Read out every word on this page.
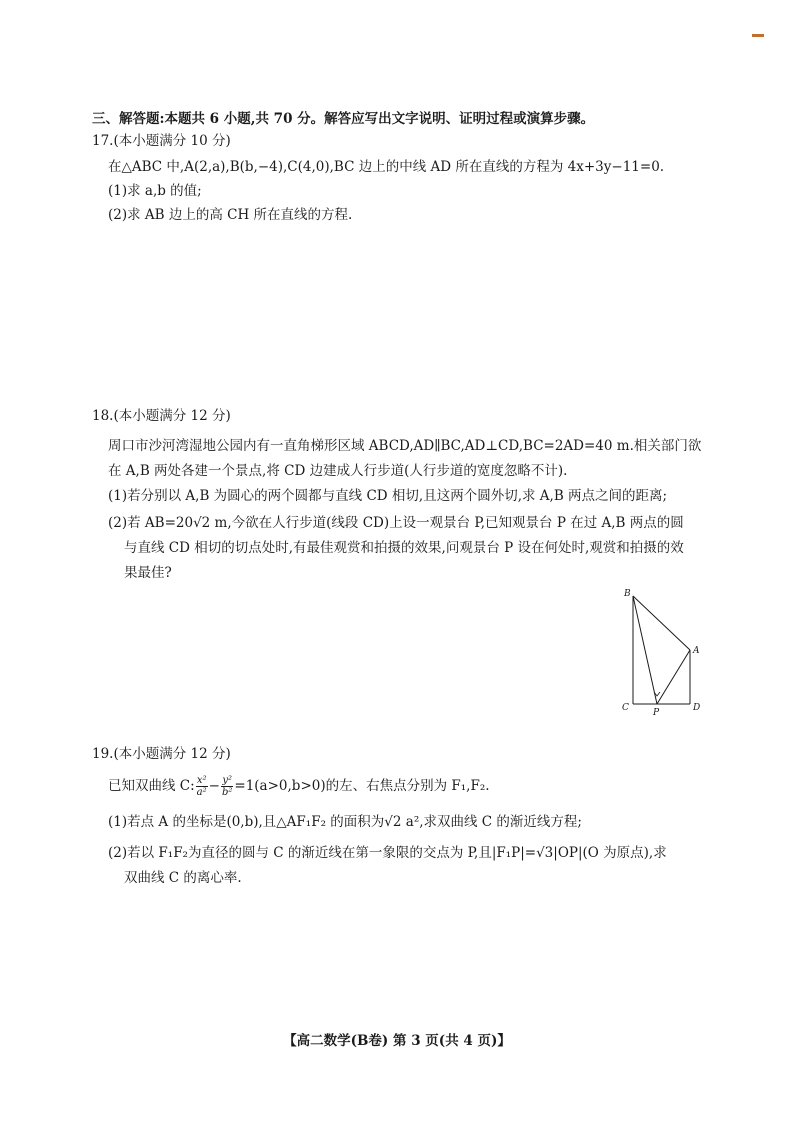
三、解答题:本题共 6 小题,共 70 分。解答应写出文字说明、证明过程或演算步骤。
17.(本小题满分 10 分)
在△ABC 中,A(2,a),B(b,−4),C(4,0),BC 边上的中线 AD 所在直线的方程为 4x+3y−11=0.
(1)求 a,b 的值;
(2)求 AB 边上的高 CH 所在直线的方程.
18.(本小题满分 12 分)
周口市沙河湾湿地公园内有一直角梯形区域 ABCD,AD∥BC,AD⊥CD,BC=2AD=40 m.相关部门欲
在 A,B 两处各建一个景点,将 CD 边建成人行步道(人行步道的宽度忽略不计).
(1)若分别以 A,B 为圆心的两个圆都与直线 CD 相切,且这两个圆外切,求 A,B 两点之间的距离;
(2)若 AB=20√2 m,今欲在人行步道(线段 CD)上设一观景台 P,已知观景台 P 在过 A,B 两点的圆
与直线 CD 相切的切点处时,有最佳观赏和拍摄的效果,问观景台 P 设在何处时,观赏和拍摄的效
果最佳?
B
A
C	P	D
19.(本小题满分 12 分)
已知双曲线 C: $\frac{\text{x²}}{\text{a²}} - \frac{\text{y²}}{\text{b²}} =1(a>0,b>0)$的左、右焦点分别为 F₁,F₂.
(1)若点 A 的坐标是(0,b),且△AF₁F₂ 的面积为√2 a²,求双曲线 C 的渐近线方程;
(2)若以 F₁F₂为直径的圆与 C 的渐近线在第一象限的交点为 P,且|F₁P|=√3|OP|(O 为原点),求
双曲线 C 的离心率.
【高二数学(B卷) 第 3 页(共 4 页)】
